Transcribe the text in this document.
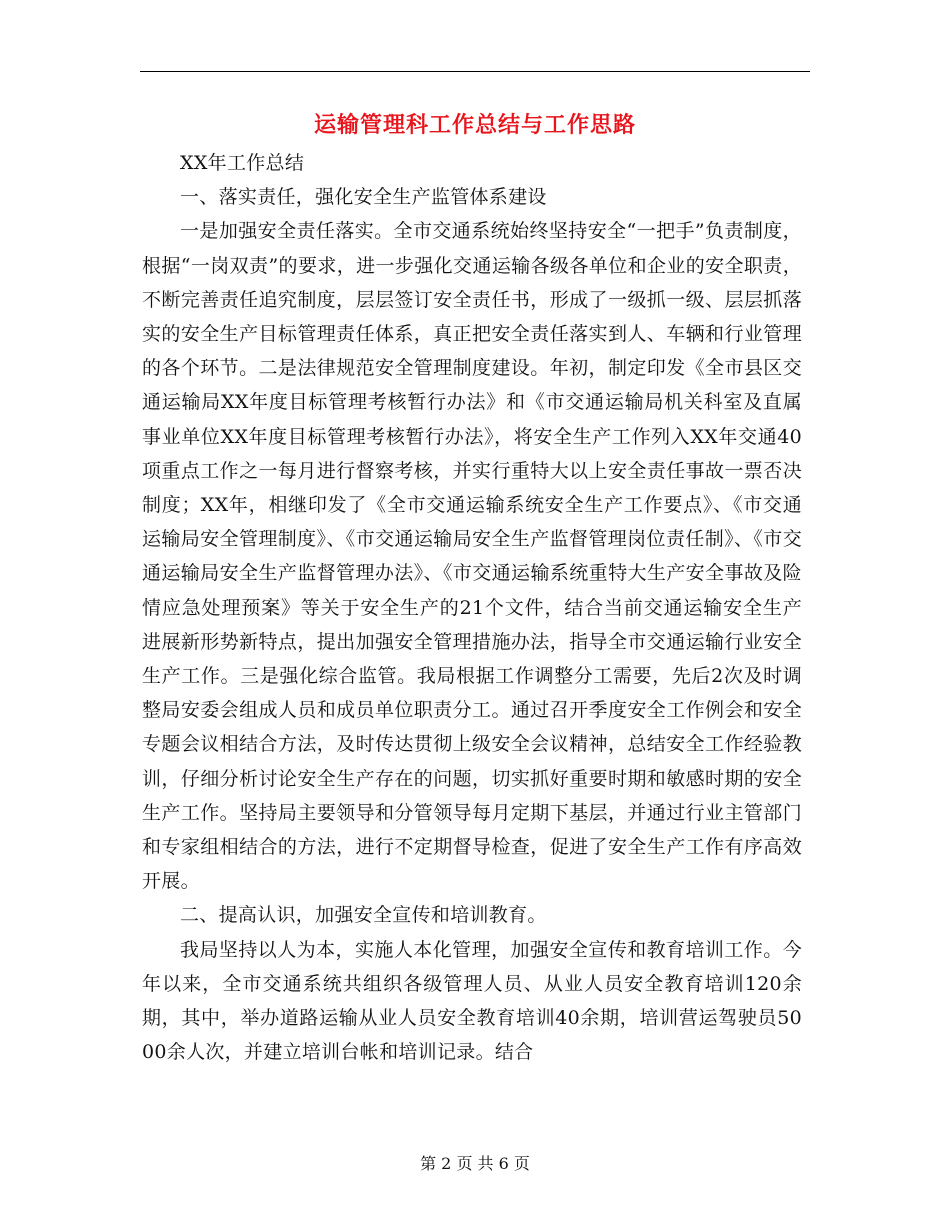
运输管理科工作总结与工作思路

XX年工作总结

一、落实责任，强化安全生产监管体系建设

一是加强安全责任落实。全市交通系统始终坚持安全“一把手”负责制度，根据“一岗双责”的要求，进一步强化交通运输各级各单位和企业的安全职责，不断完善责任追究制度，层层签订安全责任书，形成了一级抓一级、层层抓落实的安全生产目标管理责任体系，真正把安全责任落实到人、车辆和行业管理的各个环节。二是法律规范安全管理制度建设。年初，制定印发《全市县区交通运输局XX年度目标管理考核暂行办法》和《市交通运输局机关科室及直属事业单位XX年度目标管理考核暂行办法》，将安全生产工作列入XX年交通40项重点工作之一每月进行督察考核，并实行重特大以上安全责任事故一票否决制度；XX年，相继印发了《全市交通运输系统安全生产工作要点》、《市交通运输局安全管理制度》、《市交通运输局安全生产监督管理岗位责任制》、《市交通运输局安全生产监督管理办法》、《市交通运输系统重特大生产安全事故及险情应急处理预案》等关于安全生产的21个文件，结合当前交通运输安全生产进展新形势新特点，提出加强安全管理措施办法，指导全市交通运输行业安全生产工作。三是强化综合监管。我局根据工作调整分工需要，先后2次及时调整局安委会组成人员和成员单位职责分工。通过召开季度安全工作例会和安全专题会议相结合方法，及时传达贯彻上级安全会议精神，总结安全工作经验教训，仔细分析讨论安全生产存在的问题，切实抓好重要时期和敏感时期的安全生产工作。坚持局主要领导和分管领导每月定期下基层，并通过行业主管部门和专家组相结合的方法，进行不定期督导检查，促进了安全生产工作有序高效开展。

二、提高认识，加强安全宣传和培训教育。

我局坚持以人为本，实施人本化管理，加强安全宣传和教育培训工作。今年以来，全市交通系统共组织各级管理人员、从业人员安全教育培训120余期，其中，举办道路运输从业人员安全教育培训40余期，培训营运驾驶员5000余人次，并建立培训台帐和培训记录。结合

第 2 页 共 6 页
